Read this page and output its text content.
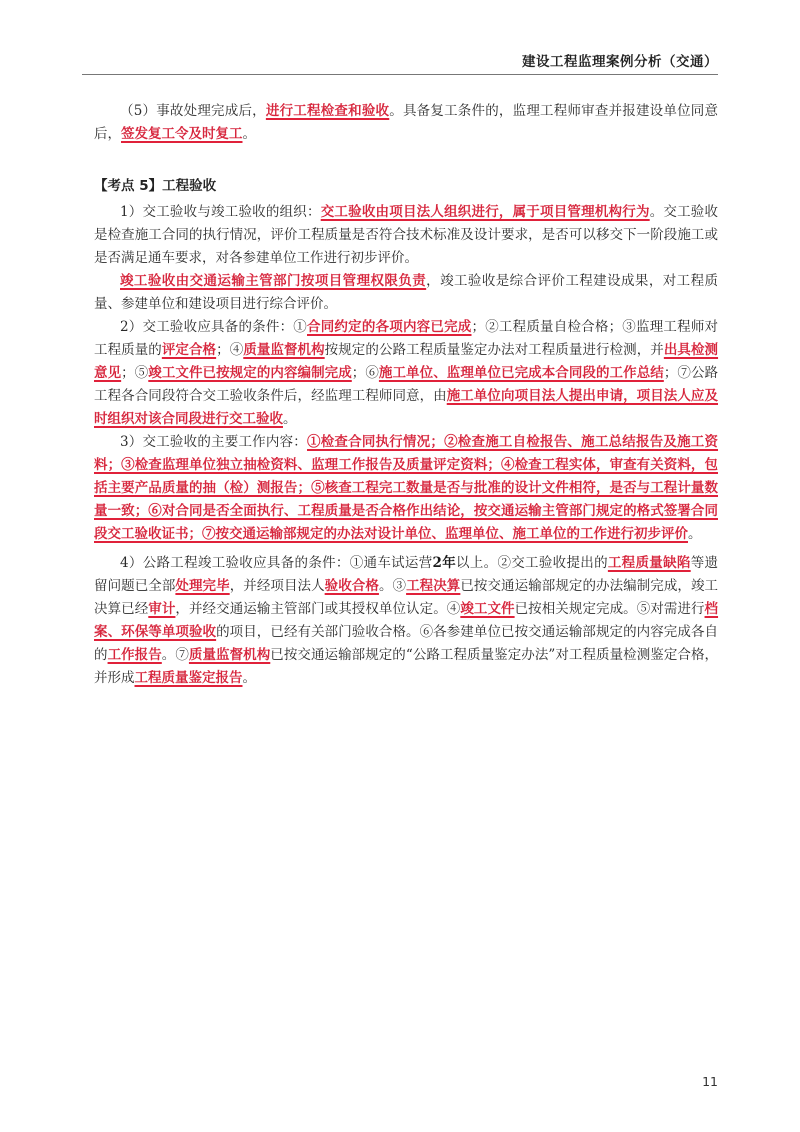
建设工程监理案例分析（交通）

（5）事故处理完成后，进行工程检查和验收。具备复工条件的，监理工程师审查并报建设单位同意后，签发复工令及时复工。

【考点 5】工程验收

1）交工验收与竣工验收的组织：交工验收由项目法人组织进行，属于项目管理机构行为。交工验收是检查施工合同的执行情况，评价工程质量是否符合技术标准及设计要求，是否可以移交下一阶段施工或是否满足通车要求，对各参建单位工作进行初步评价。

竣工验收由交通运输主管部门按项目管理权限负责，竣工验收是综合评价工程建设成果，对工程质量、参建单位和建设项目进行综合评价。

2）交工验收应具备的条件：①合同约定的各项内容已完成；②工程质量自检合格；③监理工程师对工程质量的评定合格；④质量监督机构按规定的公路工程质量鉴定办法对工程质量进行检测，并出具检测意见；⑤竣工文件已按规定的内容编制完成；⑥施工单位、监理单位已完成本合同段的工作总结；⑦公路工程各合同段符合交工验收条件后，经监理工程师同意，由施工单位向项目法人提出申请，项目法人应及时组织对该合同段进行交工验收。

3）交工验收的主要工作内容：①检查合同执行情况；②检查施工自检报告、施工总结报告及施工资料；③检查监理单位独立抽检资料、监理工作报告及质量评定资料；④检查工程实体，审查有关资料，包括主要产品质量的抽（检）测报告；⑤核查工程完工数量是否与批准的设计文件相符，是否与工程计量数量一致；⑥对合同是否全面执行、工程质量是否合格作出结论，按交通运输主管部门规定的格式签署合同段交工验收证书；⑦按交通运输部规定的办法对设计单位、监理单位、施工单位的工作进行初步评价。

4）公路工程竣工验收应具备的条件：①通车试运营2年以上。②交工验收提出的工程质量缺陷等遗留问题已全部处理完毕，并经项目法人验收合格。③工程决算已按交通运输部规定的办法编制完成，竣工决算已经审计，并经交通运输主管部门或其授权单位认定。④竣工文件已按相关规定完成。⑤对需进行档案、环保等单项验收的项目，已经有关部门验收合格。⑥各参建单位已按交通运输部规定的内容完成各自的工作报告。⑦质量监督机构已按交通运输部规定的“公路工程质量鉴定办法”对工程质量检测鉴定合格，并形成工程质量鉴定报告。

11
